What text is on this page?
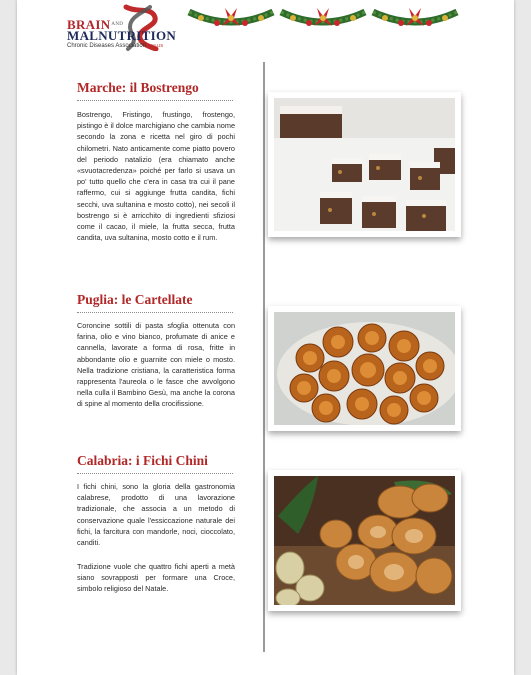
$BRAIN^{AND}$
MALNUTRITION
Chronic Diseases Association ONLUS
Marche: il Bostrengo

Bostrengo, Fristingo, frustingo, frostengo, pistingo è il dolce marchigiano che cambia nome secondo la zona e ricetta nel giro di pochi chilometri. Nato anticamente come piatto povero del periodo natalizio (era chiamato anche «svuotacredenza» poiché per farlo si usava un po' tutto quello che c'era in casa tra cui il pane raffermo, cui si aggiunge frutta candita, fichi secchi, uva sultanina e mosto cotto), nei secoli il bostrengo si è arricchito di ingredienti sfiziosi come il cacao, il miele, la frutta secca, frutta candita, uva sultanina, mosto cotto e il rum.

Puglia: le Cartellate

Coroncine sottili di pasta sfoglia ottenuta con farina, olio e vino bianco, profumate di anice e cannella, lavorate a forma di rosa, fritte in abbondante olio e guarnite con miele o mosto. Nella tradizione cristiana, la caratteristica forma rappresenta l'aureola o le fasce che avvolgono nella culla il Bambino Gesù, ma anche la corona di spine al momento della crocifissione.

Calabria: i Fichi Chini

I fichi chini, sono la gloria della gastronomia calabrese, prodotto di una lavorazione tradizionale, che associa a un metodo di conservazione quale l'essiccazione naturale dei fichi, la farcitura con mandorle, noci, cioccolato, canditi.

Tradizione vuole che quattro fichi aperti a metà siano sovrapposti per formare una Croce, simbolo religioso del Natale.
